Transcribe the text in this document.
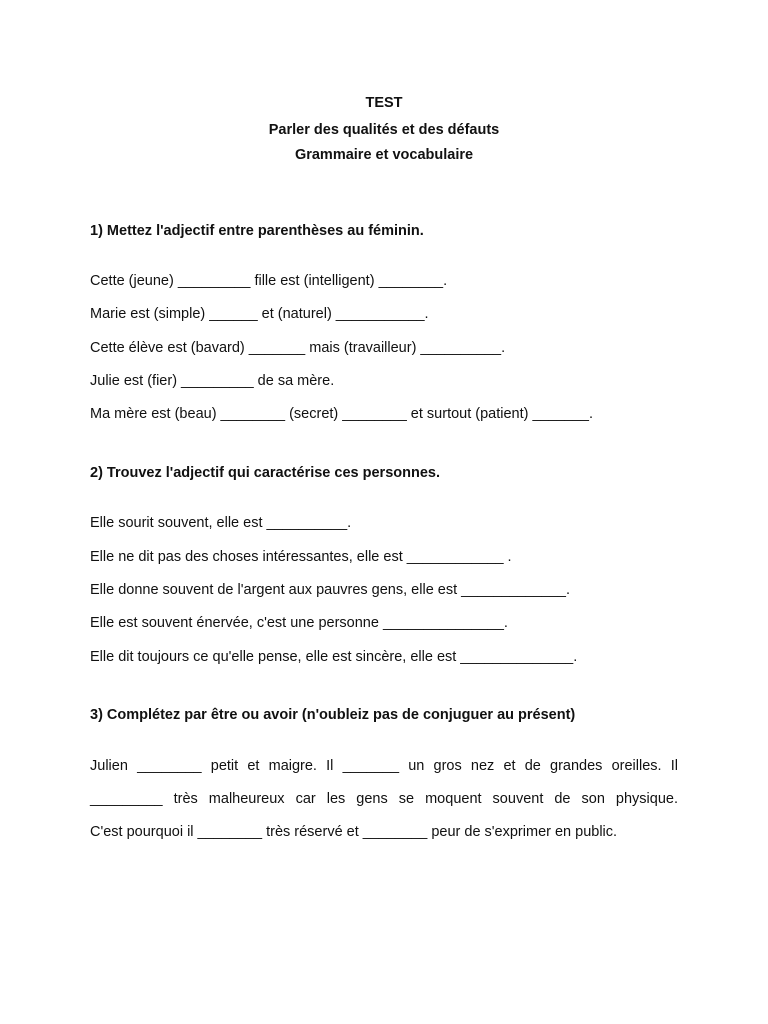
TEST
Parler des qualités et des défauts
Grammaire et vocabulaire
1) Mettez l'adjectif entre parenthèses au féminin.
Cette (jeune) _________ fille est (intelligent) ________.
Marie est (simple) ______ et (naturel) ___________.
Cette élève est (bavard) _______ mais (travailleur) __________.
Julie est (fier) _________ de sa mère.
Ma mère est (beau) ________ (secret) ________ et surtout (patient) _______.
2) Trouvez l'adjectif qui caractérise ces personnes.
Elle sourit souvent, elle est __________.
Elle ne dit pas des choses intéressantes, elle est ____________ .
Elle donne souvent de l'argent aux pauvres gens, elle est _____________.
Elle est souvent énervée, c'est une personne _______________.
Elle dit toujours ce qu'elle pense, elle est sincère, elle est ______________.
3) Complétez par être ou avoir (n'oubleiz pas de conjuguer au présent)
Julien ________ petit et maigre. Il _______ un gros nez et de grandes oreilles. Il
_________ très malheureux car les gens se moquent souvent de son physique.
C'est pourquoi il ________ très réservé et ________ peur de s'exprimer en public.
